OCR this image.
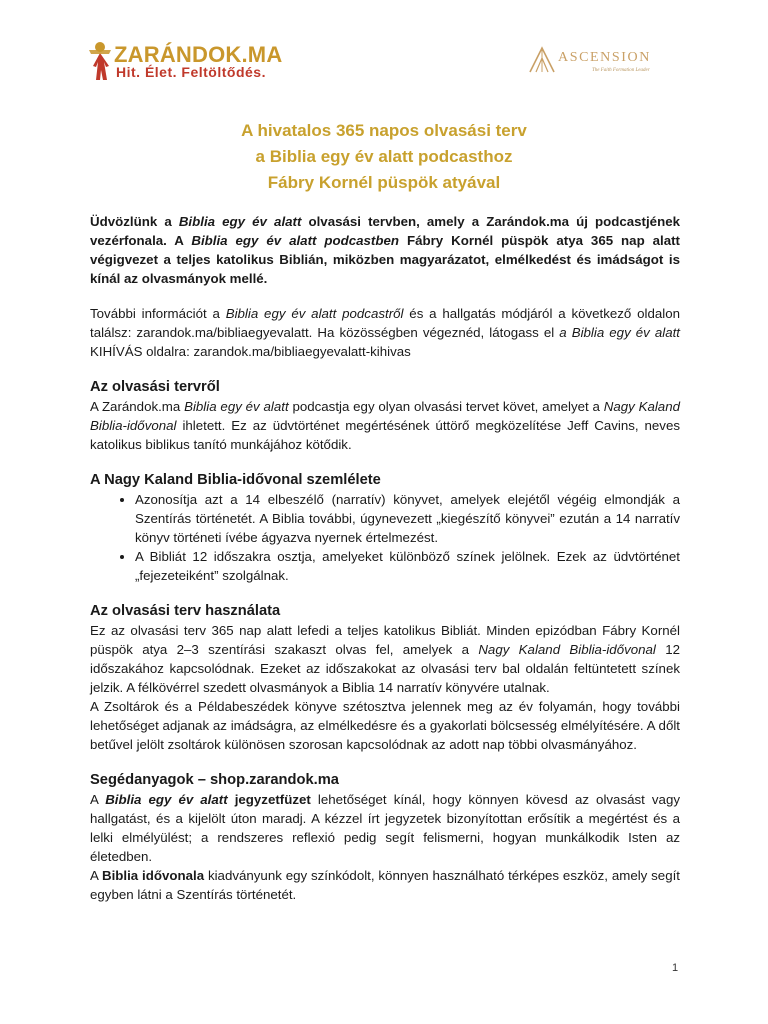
ZARÁNDOK.MA
Hit. Élet. Feltöltődés.
ASCENSION
The Faith Formation Leader
A hivatalos 365 napos olvasási terv
a Biblia egy év alatt podcasthoz
Fábry Kornél püspök atyával

Üdvözlünk a Biblia egy év alatt olvasási tervben, amely a Zarándok.ma új podcastjének vezérfonala. A Biblia egy év alatt podcastben Fábry Kornél püspök atya 365 nap alatt végigvezet a teljes katolikus Biblián, miközben magyarázatot, elmélkedést és imádságot is kínál az olvasmányok mellé.

További információt a Biblia egy év alatt podcastről és a hallgatás módjáról a következő oldalon találsz: zarandok.ma/bibliaegyevalatt. Ha közösségben végeznéd, látogass el a Biblia egy év alatt KIHÍVÁS oldalra: zarandok.ma/bibliaegyevalatt-kihivas

Az olvasási tervről

A Zarándok.ma Biblia egy év alatt podcastja egy olyan olvasási tervet követ, amelyet a Nagy Kaland Biblia-idővonal ihletett. Ez az üdvtörténet megértésének úttörő megközelítése Jeff Cavins, neves katolikus biblikus tanító munkájához kötődik.

A Nagy Kaland Biblia-idővonal szemlélete
• Azonosítja azt a 14 elbeszélő (narratív) könyvet, amelyek elejétől végéig elmondják a Szentírás történetét. A Biblia további, úgynevezett „kiegészítő könyvei” ezután a 14 narratív könyv történeti ívébe ágyazva nyernek értelmezést.
• A Bibliát 12 időszakra osztja, amelyeket különböző színek jelölnek. Ezek az üdvtörténet „fejezeteiként” szolgálnak.
Az olvasási terv használata

Ez az olvasási terv 365 nap alatt lefedi a teljes katolikus Bibliát. Minden epizódban Fábry Kornél püspök atya 2–3 szentírási szakaszt olvas fel, amelyek a Nagy Kaland Biblia-idővonal 12 időszakához kapcsolódnak. Ezeket az időszakokat az olvasási terv bal oldalán feltüntetett színek jelzik. A félkövérrel szedett olvasmányok a Biblia 14 narratív könyvére utalnak.

A Zsoltárok és a Példabeszédek könyve szétosztva jelennek meg az év folyamán, hogy további lehetőséget adjanak az imádságra, az elmélkedésre és a gyakorlati bölcsesség elmélyítésére. A dőlt betűvel jelölt zsoltárok különösen szorosan kapcsolódnak az adott nap többi olvasmányához.

Segédanyagok – shop.zarandok.ma

A Biblia egy év alatt jegyzetfüzet lehetőséget kínál, hogy könnyen kövesd az olvasást vagy hallgatást, és a kijelölt úton maradj. A kézzel írt jegyzetek bizonyítottan erősítik a megértést és a lelki elmélyülést; a rendszeres reflexió pedig segít felismerni, hogyan munkálkodik Isten az életedben.

A Biblia idővonala kiadványunk egy színkódolt, könnyen használható térképes eszköz, amely segít egyben látni a Szentírás történetét.

1
